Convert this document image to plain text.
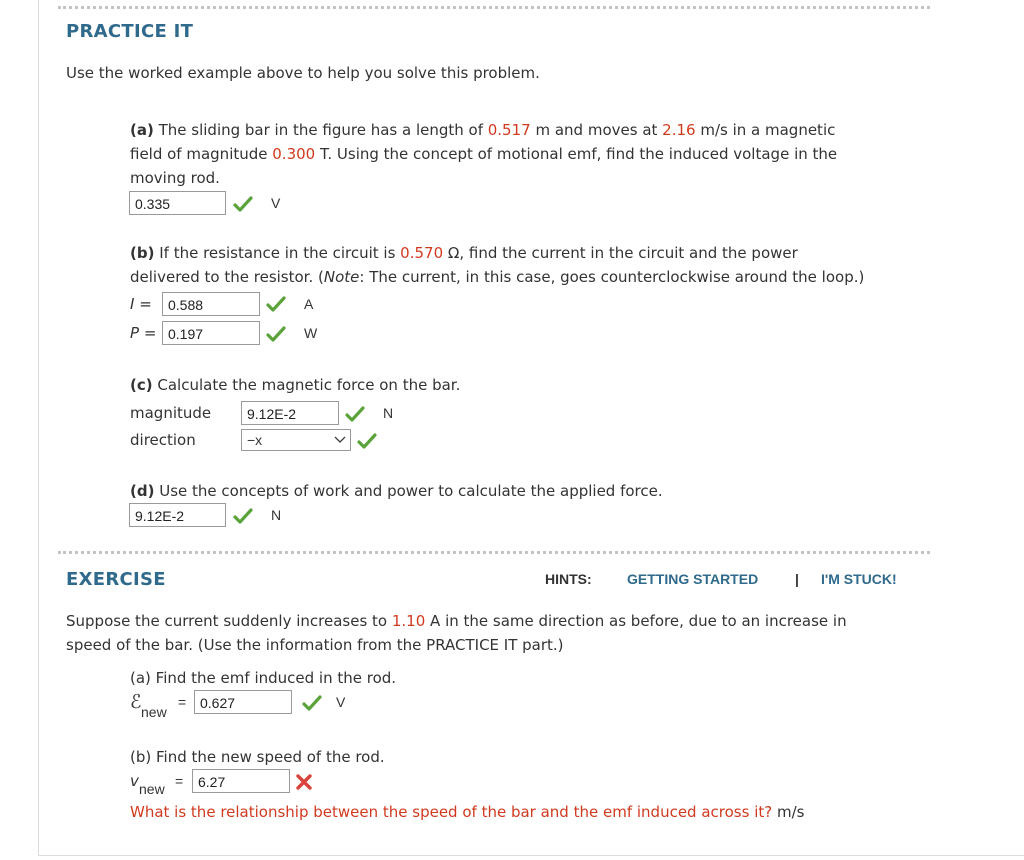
PRACTICE IT
Use the worked example above to help you solve this problem.
(a) The sliding bar in the figure has a length of 0.517 m and moves at 2.16 m/s in a magnetic
field of magnitude 0.300 T. Using the concept of motional emf, find the induced voltage in the
moving rod.
0.335	V
(b) If the resistance in the circuit is 0.570 Ω, find the current in the circuit and the power
delivered to the resistor. (Note: The current, in this case, goes counterclockwise around the loop.)
I =	0.588	A
P = 0.197	W
(c) Calculate the magnetic force on the bar.
magnitude	9.12E-2	N
direction	−x
(d) Use the concepts of work and power to calculate the applied force.
9.12E-2	N
EXERCISE	HINTS:	GETTING STARTED	| I'M STUCK!
Suppose the current suddenly increases to 1.10 A in the same direction as before, due to an increase in
speed of the bar. (Use the information from the PRACTICE IT part.)
(a) Find the emf induced in the rod.
ℰ new
= 0.627	V
(b) Find the new speed of the rod.
v new =	6.27
What is the relationship between the speed of the bar and the emf induced across it? m/s
